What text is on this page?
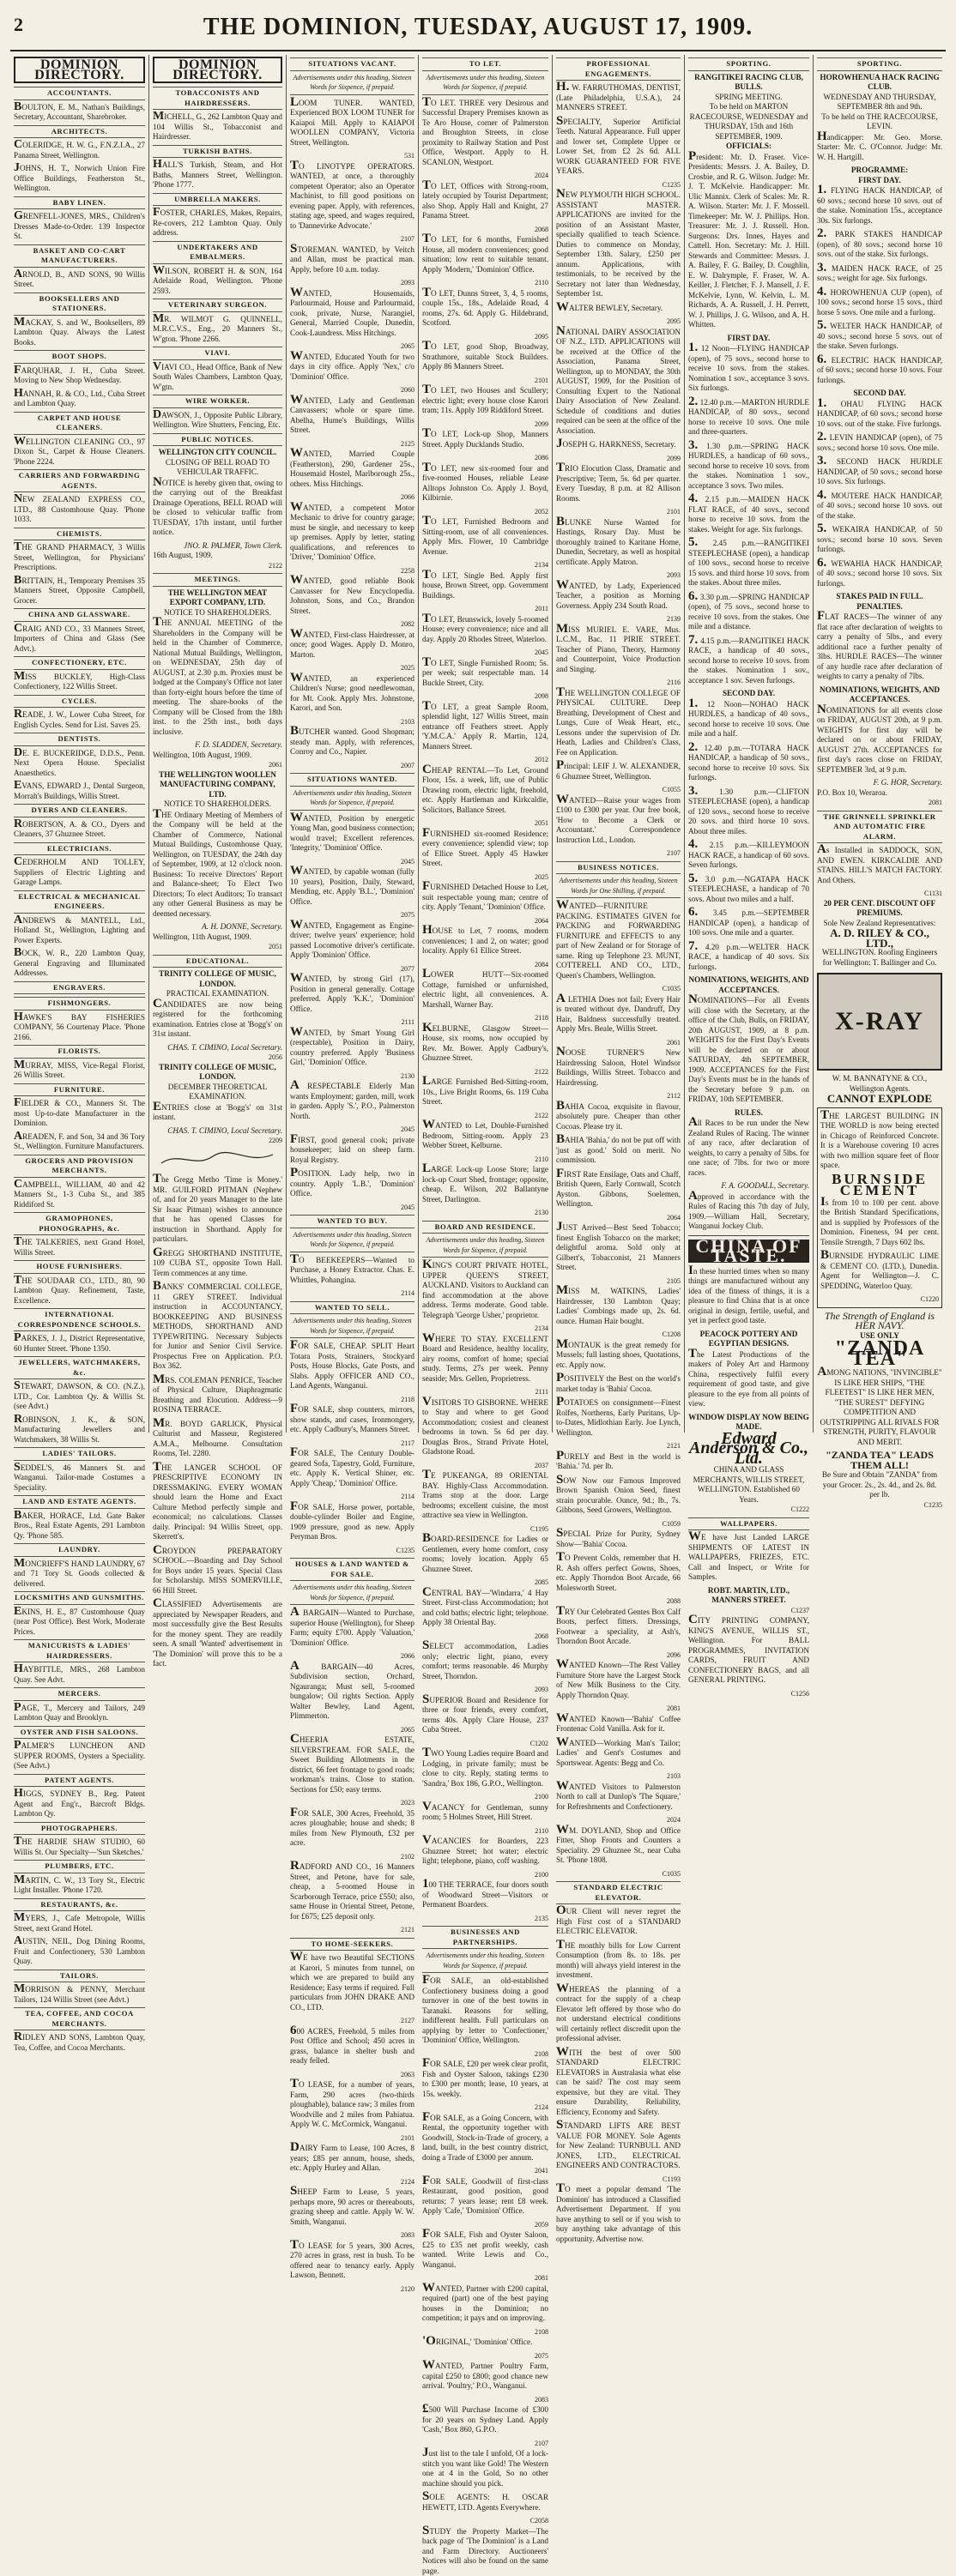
2	THE DOMINION, TUESDAY, AUGUST 17, 1909.
DOMINION DIRECTORY.
ACCOUNTANTS.
BOULTON, E. M., Nathan's Buildings, Secretary, Accountant, Sharebroker.
ARCHITECTS.
COLERIDGE, H. W. G., F.N.Z.I.A., 27 Panama Street, Wellington.
JOHNS, H. T., Norwich Union Fire Office Buildings, Featherston St., Wellington.
BABY LINEN.
GRENFELL-JONES, MRS., Children's Dresses Made-to-Order. 139 Inspector St.
BASKET AND CO-CART MANUFACTURERS.
ARNOLD, B., AND SONS, 90 Willis Street.
BOOKSELLERS AND STATIONERS.
MACKAY, S. and W., Booksellers, 89 Lambton Quay. Always the Latest Books.
BOOT SHOPS.
FARQUHAR, J. H., Cuba Street. Moving to New Shop Wednesday.
HANNAH, R. & CO., Ltd., Cuba Street and Lambton Quay.
CARPET AND HOUSE CLEANERS.
WELLINGTON CLEANING CO., 97 Dixon St., Carpet & House Cleaners. 'Phone 2224.
CARRIERS AND FORWARDING AGENTS.
NEW ZEALAND EXPRESS CO., LTD., 88 Customhouse Quay. 'Phone 1033.
CHEMISTS.
THE GRAND PHARMACY, 3 Willis Street, Wellington, for Physicians' Prescriptions.
BRITTAIN, H., Temporary Premises 35 Manners Street, Opposite Campbell, Grocer.
CHINA AND GLASSWARE.
CRAIG AND CO., 33 Manners Street, Importers of China and Glass (See Advt.).
CONFECTIONERY, ETC.
MISS BUCKLEY, High-Class Confectionery, 122 Willis Street.
CYCLES.
READE, J. W., Lower Cuba Street, for English Cycles. Send for List. Saves 25.
DENTISTS.
DE. E. BUCKERIDGE, D.D.S., Penn. Next Opera House. Specialist Anaesthetics.
EVANS, EDWARD J., Dental Surgeon, Morrah's Buildings, Willis Street.
DYERS AND CLEANERS.
ROBERTSON, A. & CO., Dyers and Cleaners, 37 Ghuznee Street.
ELECTRICIANS.
CEDERHOLM AND TOLLEY, Suppliers of Electric Lighting and Garage Lamps.
ELECTRICAL & MECHANICAL ENGINEERS.
ANDREWS & MANTELL, Ltd., Holland St., Wellington, Lighting and Power Experts.
BOCK, W. R., 220 Lambton Quay, General Engraving and Illuminated Addresses.
ENGRAVERS.
FISHMONGERS.
HAWKE'S BAY FISHERIES COMPANY, 56 Courtenay Place. 'Phone 2166.
FLORISTS.
MURRAY, MISS, Vice-Regal Florist, 26 Willis Street.
FURNITURE.
FIELDER & CO., Manners St. The most Up-to-date Manufacturer in the Dominion.
AREADEN, F. and Son, 34 and 36 Tory St., Wellington. Furniture Manufacturers.
GROCERS AND PROVISION MERCHANTS.
CAMPBELL, WILLIAM, 40 and 42 Manners St., 1-3 Cuba St., and 385 Riddiford St.
GRAMOPHONES, PHONOGRAPHS, &c.
THE TALKERIES, next Grand Hotel, Willis Street.
HOUSE FURNISHERS.
THE SOUDAAR CO., LTD., 80, 90 Lambton Quay. Refinement, Taste, Excellence.
INTERNATIONAL CORRESPONDENCE SCHOOLS.
PARKES, J. J., District Representative, 60 Hunter Street. 'Phone 1350.
JEWELLERS, WATCHMAKERS, &c.
STEWART, DAWSON, & CO. (N.Z.), LTD., Cor. Lambton Qy. & Willis St. (see Advt.)
ROBINSON, J. K., & SON, Manufacturing Jewellers and Watchmakers, 38 Willis St.
LADIES' TAILORS.
SEDDEL'S, 46 Manners St. and Wanganui. Tailor-made Costumes a Speciality.
LAND AND ESTATE AGENTS.
BAKER, HORACE, Ltd. Gate Baker Bros., Real Estate Agents, 291 Lambton Qy. 'Phone 585.
LAUNDRY.
MONCRIEFF'S HAND LAUNDRY, 67 and 71 Tory St. Goods collected & delivered.
LOCKSMITHS AND GUNSMITHS.
EKINS, H. E., 87 Customhouse Quay (near Post Office). Best Work, Moderate Prices.
MANICURISTS & LADIES' HAIRDRESSERS.
HAYBITTLE, MRS., 268 Lambton Quay. See Advt.
MERCERS.
PAGE, T., Mercery and Tailors, 249 Lambton Quay and Brooklyn.
OYSTER AND FISH SALOONS.
PALMER'S LUNCHEON AND SUPPER ROOMS, Oysters a Speciality. (See Advt.)
PATENT AGENTS.
HIGGS, SYDNEY B., Reg. Patent Agent and Eng'r., Barcroft Bldgs. Lambton Qy.
PHOTOGRAPHERS.
THE HARDIE SHAW STUDIO, 60 Willis St. Our Specialty—'Sun Sketches.'
PLUMBERS, ETC.
MARTIN, C. W., 13 Tory St., Electric Light Installer. 'Phone 1720.
RESTAURANTS, &c.
MYERS, J., Cafe Metropole, Willis Street, next Grand Hotel.
AUSTIN, NEIL, Dog Dining Rooms, Fruit and Confectionery, 530 Lambton Quay.
TAILORS.
MORRISON & PENNY, Merchant Tailors, 124 Willis Street (see Advt.)
TEA, COFFEE, AND COCOA MERCHANTS.
RIDLEY AND SONS, Lambton Quay, Tea, Coffee, and Cocoa Merchants.
DOMINION DIRECTORY.
TOBACCONISTS AND HAIRDRESSERS.
MICHELL, G., 262 Lambton Quay and 104 Willis St., Tobacconist and Hairdresser.
TURKISH BATHS.
HALL'S Turkish, Steam, and Hot Baths, Manners Street, Wellington. 'Phone 1777.
UMBRELLA MAKERS.
FOSTER, CHARLES, Makes, Repairs, Re-covers, 212 Lambton Quay. Only address.
UNDERTAKERS AND EMBALMERS.
WILSON, ROBERT H. & SON, 164 Adelaide Road, Wellington. 'Phone 2593.
VETERINARY SURGEON.
MR. WILMOT G. QUINNELL, M.R.C.V.S., Eng., 20 Manners St., W'gton. 'Phone 2266.
VIAVI.
VIAVI CO., Head Office, Bank of New South Wales Chambers, Lambton Quay, W'gtn.
WIRE WORKER.
DAWSON, J., Opposite Public Library, Wellington. Wire Shutters, Fencing, Etc.
PUBLIC NOTICES.
WELLINGTON CITY COUNCIL.
CLOSING OF BELL ROAD TO VEHICULAR TRAFFIC.
NOTICE is hereby given that, owing to the carrying out of the Breakfast Drainage Operations, BELL ROAD will be closed to vehicular traffic from TUESDAY, 17th instant, until further notice.
JNO. R. PALMER, Town Clerk.
16th August, 1909.
2122
MEETINGS.
THE WELLINGTON MEAT EXPORT COMPANY, LTD.
NOTICE TO SHAREHOLDERS.
THE ANNUAL MEETING of the Shareholders in the Company will be held in the Chamber of Commerce, National Mutual Buildings, Wellington, on WEDNESDAY, 25th day of AUGUST, at 2.30 p.m. Proxies must be lodged at the Company's Office not later than forty-eight hours before the time of meeting. The share-books of the Company will be Closed from the 18th inst. to the 25th inst., both days inclusive.
F. D. SLADDEN, Secretary.
Wellington, 10th August, 1909.
2061
THE WELLINGTON WOOLLEN MANUFACTURING COMPANY, LTD.
NOTICE TO SHAREHOLDERS.
THE Ordinary Meeting of Members of the Company will be held at the Chamber of Commerce, National Mutual Buildings, Customhouse Quay, Wellington, on TUESDAY, the 24th day of September, 1909, at 12 o'clock noon. Business: To receive Directors' Report and Balance-sheet; To Elect Two Directors; To elect Auditors; To transact any other General Business as may be deemed necessary.
A. H. DONNE, Secretary.
Wellington, 11th August, 1909.
2051
EDUCATIONAL.
TRINITY COLLEGE OF MUSIC, LONDON.
PRACTICAL EXAMINATION.
CANDIDATES are now being registered for the forthcoming examination. Entries close at 'Bogg's' on 31st instant.
CHAS. T. CIMINO, Local Secretary.
2056
TRINITY COLLEGE OF MUSIC, LONDON.
DECEMBER THEORETICAL EXAMINATION.
ENTRIES close at 'Bogg's' on 31st instant.
CHAS. T. CIMINO, Local Secretary.
2209
The Gregg Metho 'Time is Money.' MR. GUILFORD PITMAN (Nephew of, and for 20 years Manager to the late Sir Isaac Pitman) wishes to announce that he has opened Classes for instruction in Shorthand. Apply for particulars.
GREGG SHORTHAND INSTITUTE, 109 CUBA ST., opposite Town Hall. Term commences at any time.
BANKS' COMMERCIAL COLLEGE, 11 GREY STREET. Individual instruction in ACCOUNTANCY, BOOKKEEPING AND BUSINESS METHODS, SHORTHAND AND TYPEWRITING. Necessary Subjects for Junior and Senior Civil Service. Prospectus Free on Application. P.O. Box 362.
MRS. COLEMAN PENRICE, Teacher of Physical Culture, Diaphragmatic Breathing and Elocution. Address—9 ROSINA TERRACE.
MR. BOYD GARLICK, Physical Culturist and Masseur, Registered A.M.A., Melbourne. Consultation Rooms, Tel. 2280.
THE LANGER SCHOOL OF PRESCRIPTIVE ECONOMY IN DRESSMAKING. EVERY WOMAN should learn the Home and Exact Culture Method perfectly simple and economical; no calculations. Classes daily. Principal: 94 Willis Street, opp. Skerrett's.
CROYDON PREPARATORY SCHOOL.—Boarding and Day School for Boys under 15 years. Special Class for Scholarship. MISS SOMERVILLE, 66 Hill Street.
CLASSIFIED Advertisements are appreciated by Newspaper Readers, and most successfully give the Best Results for the money spent. They are readily seen. A small 'Wanted' advertisement in 'The Dominion' will prove this to be a fact.
SITUATIONS VACANT.
Advertisements under this heading, Sixteen Words for Sixpence, if prepaid.
LOOM TUNER. WANTED, Experienced BOX LOOM TUNER for Kaiapoi Mill. Apply to KAIAPOI WOOLLEN COMPANY, Victoria Street, Wellington.
531
TO LINOTYPE OPERATORS. WANTED, at once, a thoroughly competent Operator; also an Operator Machinist, to fill good positions on evening paper. Apply, with references, stating age, speed, and wages required, to 'Dannevirke Advocate.'
2107
STOREMAN. WANTED, by Veitch and Allan, must be practical man. Apply, before 10 a.m. today.
2093
WANTED, Housemaids, Parlourmaid, House and Parlourmaid, cook, private, Nurse, Narangiel, General, Married Couple, Dunedin, Cook-Laundress. Miss Hitchings.
2065
WANTED, Educated Youth for two days in city office. Apply 'Nex,' c/o 'Dominion' Office.
2060
WANTED, Lady and Gentleman Canvassers; whole or spare time. Abelha, Hume's Buildings, Willis Street.
2125
WANTED, Married Couple (Featherston), 290, Gardener 25s., Housemaid Hostel, Marlborough 25s., others. Miss Hitchings.
2066
WANTED, a competent Motor Mechanic to drive for country garage; must be single, and necessary to keep up premises. Apply by letter, stating qualifications, and references to 'Driver,' 'Dominion' Office.
2258
WANTED, good reliable Book Canvasser for New Encyclopedia. Johnston, Sons, and Co., Brandon Street.
2082
WANTED, First-class Hairdresser, at once; good Wages. Apply D. Monro, Marton.
2025
WANTED, an experienced Children's Nurse; good needlewoman, for Mt. Cook. Apply Mrs. Johnstone, Karori, and Son.
2103
BUTCHER wanted. Good Shopman; steady man. Apply, with references, Conroy and Co., Napier.
2007
SITUATIONS WANTED.
Advertisements under this heading, Sixteen Words for Sixpence, if prepaid.
WANTED, Position by energetic Young Man, good business connection; would travel; Excellent references. 'Integrity,' 'Dominion' Office.
2045
WANTED, by capable woman (fully 10 years), Position, Daily, Steward, Mending, etc. Apply 'B.L.', 'Dominion' Office.
2075
WANTED, Engagement as Engine-driver; twelve years' experience; hold passed Locomotive driver's certificate. Apply 'Dominion' Office.
2077
WANTED, by strong Girl (17), Position in general generally. Cottage preferred. Apply 'K.K.', 'Dominion' Office.
2111
WANTED, by Smart Young Girl (respectable), Position in Dairy, country preferred. Apply 'Business Girl,' 'Dominion' Office.
2130
A RESPECTABLE Elderly Man wants Employment; garden, mill, work in garden. Apply 'S.', P.O., Palmerston North.
2045
FIRST, good general cook; private housekeeper; laid on sheep farm. Royal Registry.
POSITION. Lady help, two in country. Apply 'L.B.', 'Dominion' Office.
2045
WANTED TO BUY.
Advertisements under this heading, Sixteen Words for Sixpence, if prepaid.
TO BEEKEEPERS—Wanted to Purchase, a Honey Extractor. Chas. E. Whittles, Pohangina.
2114
WANTED TO SELL.
Advertisements under this heading, Sixteen Words for Sixpence, if prepaid.
FOR SALE, CHEAP. SPLIT Heart Totara Posts, Strainers, Stockyard Posts, House Blocks, Gate Posts, and Slabs. Apply OFFICER AND CO., Land Agents, Wanganui.
2118
FOR SALE, shop counters, mirrors, show stands, and cases, Ironmongery, etc. Apply Cadbury's, Manners Street.
2117
FOR SALE, The Century Double-geared Sofa, Tapestry, Gold, Furniture, etc. Apply K. Vertical Shiner, etc. Apply 'Cheap,' 'Dominion' Office.
2114
FOR SALE, Horse power, portable, double-cylinder Boiler and Engine, 1909 pressure, good as new. Apply Peryman Bros.
C1235
HOUSES & LAND WANTED & FOR SALE.
Advertisements under this heading, Sixteen Words for Sixpence, if prepaid.
A BARGAIN—Wanted to Purchase, superior House (Wellington), for Sheep Farm; equity £700. Apply 'Valuation,' 'Dominion' Office.
2066
A BARGAIN—40 Acres, Subdivision section, Orchard, Ngauranga; Must sell, 5-roomed bungalow; Oil rights Section. Apply Walter Bewley, Land Agent, Plimmerton.
2065
CHEERIA ESTATE, SILVERSTREAM. FOR SALE, the Sweet Building Allotments in the district, 66 feet frontage to good roads; workman's trains. Close to station. Sections for £50; easy terms.
2023
FOR SALE, 300 Acres, Freehold, 35 acres ploughable; house and sheds; 8 miles from New Plymouth, £32 per acre.
2102
RADFORD AND CO., 16 Manners Street, and Petone, have for sale, cheap, a 5-roomed House in Scarborough Terrace, price £550; also, same House in Oriental Street, Petone, for £675; £25 deposit only.
2121
TO HOME-SEEKERS.
WE have two Beautiful SECTIONS at Karori, 5 minutes from tunnel, on which we are prepared to build any Residence; Easy terms if required. Full particulars from JOHN DRAKE AND CO., LTD.
2127
600 ACRES, Freehold, 5 miles from Post Office and School; 450 acres in grass, balance in shelter bush and ready felled.
2063
TO LEASE, for a number of years, Farm, 290 acres (two-thirds ploughable), balance raw; 3 miles from Woodville and 2 miles from Pahiatua. Apply W. C. McCormick, Wanganui.
2101
DAIRY Farm to Lease, 100 Acres, 8 years; £85 per annum, house, sheds, etc. Apply Hurley and Allan.
2124
SHEEP Farm to Lease, 5 years, perhaps more, 90 acres or thereabouts, grazing sheep and cattle. Apply W. W. Smith, Wanganui.
2083
TO LEASE for 5 years, 300 Acres, 270 acres in grass, rest in bush. To be offered near to tenancy early. Apply Lawson, Bennett.
2120
TO LET.
Advertisements under this heading, Sixteen Words for Sixpence, if prepaid.
TO LET. THREE very Desirous and Successful Drapery Premises known as Te Aro House, corner of Palmerston and Broughton Streets, in close proximity to Railway Station and Post Office, Westport. Apply to H. SCANLON, Westport.
2024
TO LET, Offices with Strong-room, lately occupied by Tourist Department; also Shop. Apply Hall and Knight, 27 Panama Street.
2068
TO LET, for 6 months, Furnished House, all modern conveniences; good situation; low rent to suitable tenant. Apply 'Modern,' 'Dominion' Office.
2110
TO LET, Dunns Street, 3, 4, 5 rooms, couple 15s., 18s., Adelaide Road, 4 rooms, 27s. 6d. Apply G. Hildebrand, Scotford.
2095
TO LET, good Shop, Broadway, Strathmore, suitable Stock Builders. Apply 86 Manners Street.
2101
TO LET, two Houses and Scullery; electric light; every house close Karori tram; 11s. Apply 109 Riddiford Street.
2099
TO LET, Lock-up Shop, Manners Street. Apply Ducklands Studio.
2086
TO LET, new six-roomed four and five-roomed Houses, reliable Lease Alltops Johnston Co. Apply J. Boyd, Kilbirnie.
2052
TO LET, Furnished Bedroom and Sitting-room, use of all conveniences. Apply Mrs. Flower, 10 Cambridge Avenue.
2134
TO LET, Single Bed. Apply first house, Brown Street, opp. Government Buildings.
2011
TO LET, Brunswick, lovely 5-roomed House; every convenience; nice and all day. Apply 20 Rhodes Street, Waterloo.
2045
TO LET, Single Furnished Room; 5s. per week; suit respectable man. 14 Buckle Street, City.
2098
TO LET, a great Sample Room, splendid light, 127 Willis Street, main entrance off Feathers street. Apply 'Y.M.C.A.' Apply R. Martin, 124, Manners Street.
2012
CHEAP RENTAL—To Let, Ground Floor, 15s. a week, lift, use of Public Drawing room, electric light, freehold, etc. Apply Hartleman and Kirkcaldie, Solicitors, Ballance Street.
2051
FURNISHED six-roomed Residence; every convenience; splendid view; top of Ellice Street. Apply 45 Hawker Street.
2025
FURNISHED Detached House to Let, suit respectable young man; centre of city. Apply 'Tenant,' 'Dominion' Office.
2064
HOUSE to Let, 7 rooms, modern conveniences; 1 and 2, on water; good locality. Apply 61 Ellice Street.
2084
LOWER HUTT—Six-roomed Cottage, furnished or unfurnished, electric light, all conveniences. A. Marshall, Warner Bay.
2118
KELBURNE, Glasgow Street—House, six rooms, now occupied by Rev. Mr. Bower. Apply Cadbury's, Ghuznee Street.
2122
LARGE Furnished Bed-Sitting-room, 10s., Live Bright Rooms, 6s. 119 Cuba Street.
2122
WANTED to Let, Double-Furnished Bedroom, Sitting-room. Apply 23 Webber Street, Kelburne.
2110
LARGE Lock-up Loose Store; large lock-up Court Shed, frontage; opposite, cheap. E. Wilson, 202 Ballantyne Street, Darlington.
2130
BOARD AND RESIDENCE.
Advertisements under this heading, Sixteen Words for Sixpence, if prepaid.
KING'S COURT PRIVATE HOTEL, UPPER QUEEN'S STREET, AUCKLAND. Visitors to Auckland can find accommodation at the above address. Terms moderate. Good table. Telegraph 'George Usher,' proprietor.
2134
WHERE TO STAY. EXCELLENT Board and Residence, healthy locality, airy rooms, comfort of home; special study. Terms, 27s per week. Penny seaside; Mrs. Gellen, Proprietress.
2111
VISITORS TO GISBORNE. WHERE to Stay and where to get Good Accommodation; cosiest and cleanest bedrooms in town. 5s 6d per day. Douglas Bros., Strand Private Hotel, Gladstone Road.
2037
TE PUKEANGA, 89 ORIENTAL BAY. Highly-Class Accommodation. Trams stop at the door. Large bedrooms; excellent cuisine, the most attractive sea view in Wellington.
C1195
BOARD-RESIDENCE for Ladies or Gentlemen, every home comfort, cosy rooms; lovely location. Apply 65 Ghuznee Street.
2085
CENTRAL BAY—'Windarra,' 4 Hay Street. First-class Accommodation; hot and cold baths; electric light; telephone. Apply 38 Oriental Bay.
2068
SELECT accommodation, Ladies only; electric light, piano, every comfort; terms reasonable. 46 Murphy Street, Thorndon.
2093
SUPERIOR Board and Residence for three or four friends, every comfort, terms 40s. Apply Clare House, 237 Cuba Street.
C1202
TWO Young Ladies require Board and Lodging, in private family; must be close to city. Reply, stating terms to 'Sandra,' Box 186, G.P.O., Wellington.
2100
VACANCY for Gentleman, sunny room; 5 Holmes Street, Hill Street.
2110
VACANCIES for Boarders, 223 Ghuznee Street; hot water; electric light; telephone, piano, coff washing.
2100
100 THE TERRACE, four doors south of Woodward Street—Visitors or Permanent Boarders.
2135
BUSINESSES AND PARTNERSHIPS.
Advertisements under this heading, Sixteen Words for Sixpence, if prepaid.
FOR SALE, an old-established Confectionery business doing a good turnover in one of the best towns in Taranaki. Reasons for selling, indifferent health. Full particulars on applying by letter to 'Confectioner,' 'Dominion' Office, Wellington.
2108
FOR SALE, £20 per week clear profit, Fish and Oyster Saloon, takings £230 to £300 per month; lease, 10 years, at 15s. weekly.
2124
FOR SALE, as a Going Concern, with Rental, the opportunity together with Goodwill, Stock-in-Trade of grocery, a land, built, in the best country district, doing a Trade of £3000 per annum.
2041
FOR SALE, Goodwill of first-class Restaurant, good position, good returns; 7 years lease; rent £8 week. Apply 'Cafe,' 'Dominion' Office.
2059
FOR SALE, Fish and Oyster Saloon, £25 to £35 net profit weekly, cash wanted. Write Lewis and Co., Wanganui.
2081
WANTED, Partner with £200 capital, required (part) one of the best paying houses in the Dominion; no competition; it pays and on improving.
2108
'ORIGINAL,' 'Dominion' Office.
2075
WANTED, Partner Poultry Farm, capital £250 to £800; good chance new arrival. 'Poultry,' P.O., Wanganui.
2083
£500 Will Purchase Income of £300 for 20 years on Sydney Land. Apply 'Cash,' Box 860, G.P.O.
2107
Just list to the tale I unfold, Of a lock-stitch you want like Gold! The Western one at 4 in the Gold, So no other machine should you pick.
SOLE AGENTS: H. OSCAR HEWETT, LTD. Agents Everywhere.
C2058
STUDY the Property Market—The back page of 'The Dominion' is a Land and Farm Directory. Auctioneers' Notices will also be found on the same page.
PROFESSIONAL ENGAGEMENTS.
H. W. FARRUTHOMAS, DENTIST, (Late Philadelphia, U.S.A.), 24 MANNERS STREET.
SPECIALTY, Superior Artificial Teeth. Natural Appearance. Full upper and lower set, Complete Upper or Lower Set, from £2 2s 6d. ALL WORK GUARANTEED FOR FIVE YEARS.
C1235
NEW PLYMOUTH HIGH SCHOOL. ASSISTANT MASTER. APPLICATIONS are invited for the position of an Assistant Master, specially qualified to teach Science. Duties to commence on Monday, September 13th. Salary, £250 per annum. Applications, with testimonials, to be received by the Secretary not later than Wednesday, September 1st.
WALTER BEWLEY, Secretary.
2095
NATIONAL DAIRY ASSOCIATION OF N.Z., LTD. APPLICATIONS will be received at the Office of the Association, Panama Street, Wellington, up to MONDAY, the 30th AUGUST, 1909, for the Position of Consulting Expert to the National Dairy Association of New Zealand. Schedule of conditions and duties required can be seen at the office of the Association.
JOSEPH G. HARKNESS, Secretary.
2099
TRIO Elocution Class, Dramatic and Prescriptive; Term, 5s. 6d per quarter. Every Tuesday, 8 p.m. at 82 Allison Rooms.
2101
BLUNKE Nurse Wanted for Hastings, Rosary Day. Must be thoroughly trained to Karitane Home, Dunedin, Secretary, as well as hospital certificate. Apply Matron.
2093
WANTED, by Lady, Experienced Teacher, a position as Morning Governess. Apply 234 South Road.
2139
MISS MURIEL E. VARE, Mus. L.C.M., Bac. 11 PIRIE STREET. Teacher of Piano, Theory, Harmony and Counterpoint, Voice Production and Singing.
2116
THE WELLINGTON COLLEGE OF PHYSICAL CULTURE. Deep Breathing, Development of Chest and Lungs, Cure of Weak Heart, etc., Lessons under the supervision of Dr. Heath, Ladies and Children's Class, Fee on Application.
Principal: LEIF J. W. ALEXANDER, 6 Ghuznee Street, Wellington.
C1055
WANTED—Raise your wages from £100 to £300 per year. Our free book, 'How to Become a Clerk or Accountant.' Correspondence Instruction Ltd., London.
2107
BUSINESS NOTICES.
Advertisements under this heading, Sixteen Words for One Shilling, if prepaid.
WANTED—FURNITURE PACKING. ESTIMATES GIVEN for PACKING and FORWARDING FURNITURE and EFFECTS to any part of New Zealand or for Storage of same. Ring up Telephone 23. MUNT, COTTERELL AND CO., LTD., Queen's Chambers, Wellington.
C1035
A LETHIA Does not fail; Every Hair is treated without dye. Dandruff, Dry Hair, Baldness successfully treated. Apply Mrs. Beale, Willis Street.
2061
NOOSE TURNER'S New Hairdressing Saloon, Hotel Windsor Buildings, Willis Street. Tobacco and Hairdressing.
2112
BAHIA Cocoa, exquisite in flavour, absolutely pure. Cheaper than other Cocoas. Please try it.
BAHIA 'Bahia,' do not be put off with 'just as good.' Sold on merit. No commission.
FIRST Rate Ensilage, Oats and Chaff, British Queen, Early Cornwall, Scotch Ayston. Gibbons, Soelemen, Wellington.
2064
JUST Arrived—Best Seed Tobacco; finest English Tobacco on the market; delightful aroma. Sold only at Gilbert's, Tobacconist, 21 Manners Street.
2105
MISS M. WATKINS, Ladies' Hairdresser, 130 Lambton Quay; Ladies' Combings made up, 2s. 6d. ounce. Human Hair bought.
C1208
MONTAUK is the great remedy for Mussels; full lasting shoes, Quotations, etc. Apply now.
POSITIVELY the Best on the world's market today is 'Bahia' Cocoa.
POTATOES on consignment—Finest Rolfes, Northerns, Early Puritans, Up-to-Dates, Midlothian Early. Joe Lynch, Wellington.
2121
PURELY and Best in the world is 'Bahia.' 7d. per lb.
SOW Now our Famous Improved Brown Spanish Onion Seed, finest strain procurable. Ounce, 9d.; lb., 7s. Gibbons, Seed Growers, Wellington.
C1059
SPECIAL Prize for Purity, Sydney Show—'Bahia' Cocoa.
TO Prevent Colds, remember that H. R. Ash offers perfect Gowns, Shoes, etc. Apply Thorndon Boot Arcade, 66 Molesworth Street.
2088
TRY Our Celebrated Gentes Box Calf Boots, perfect fitters. Dressings, Footwear a speciality, at Ash's, Thorndon Boot Arcade.
2096
WANTED Known—The Rest Valley Furniture Store have the Largest Stock of New Milk Business to the City. Apply Thorndon Quay.
2081
WANTED Known—'Bahia' Coffee Frontenac Cold Vanilla. Ask for it.
WANTED—Working Man's Tailor; Ladies' and Gent's Costumes and Sportswear. Agents: Begg and Co.
2103
WANTED Visitors to Palmerston North to call at Dunlop's 'The Square,' for Refreshments and Confectionery.
2024
WM. DOYLAND, Shop and Office Fitter, Shop Fronts and Counters a Speciality. 29 Ghuznee St., near Cuba St. 'Phone 1808.
C1035
STANDARD ELECTRIC ELEVATOR.
OUR Client will never regret the High First cost of a STANDARD ELECTRIC ELEVATOR.
THE monthly bills for Low Current Consumption (from 8s. to 18s. per month) will always yield interest in the investment.
WHEREAS the planning of a contract for the supply of a cheap Elevator left offered by those who do not understand electrical conditions will certainly reflect discredit upon the professional adviser.
WITH the best of over 500 STANDARD ELECTRIC ELEVATORS in Australasia what else can be said? The cost may seem expensive, but they are vital. They ensure Durability, Reliability, Efficiency, Economy and Safety.
STANDARD LIFTS ARE BEST VALUE FOR MONEY. Sole Agents for New Zealand: TURNBULL AND JONES, LTD., ELECTRICAL ENGINEERS AND CONTRACTORS.
C1193
TO meet a popular demand 'The Dominion' has introduced a Classified Advertisement Department. If you have anything to sell or if you wish to buy anything take advantage of this opportunity. Advertise now.
SPORTING.
RANGITIKEI RACING CLUB, BULLS.
SPRING MEETING.
To be held on MARTON RACECOURSE, WEDNESDAY and THURSDAY, 15th and 16th SEPTEMBER, 1909.
OFFICIALS:
President: Mr. D. Fraser. Vice-Presidents: Messrs. J. A. Bailey, D. Crosbie, and R. G. Wilson. Judge: Mr. J. T. McKelvie. Handicapper: Mr. Ulic Mannix. Clerk of Scales: Mr. R. A. Wilson. Starter: Mr. J. F. Mossell. Timekeeper: Mr. W. J. Phillips. Hon. Treasurer: Mr. J. J. Russell. Hon. Surgeons: Drs. Innes, Hayes and Cattell. Hon. Secretary: Mr. J. Hill. Stewards and Committee: Messrs. J. A. Bailey, F. G. Bailey, D. Coughlin, E. W. Dalrymple, F. Fraser, W. A. Keiller, J. Fletcher, F. J. Mansell, J. F. McKelvie, Lynn, W. Kelvin, L. M. Richards, A. A. Russell, J. H. Perrett, W. J. Phillips, J. G. Wilson, and A. H. Whitten.
FIRST DAY.
1. 12 Noon—FLYING HANDICAP (open), of 75 sovs., second horse to receive 10 sovs. from the stakes. Nomination 1 sov., acceptance 3 sovs. Six furlongs.
2. 12.40 p.m.—MARTON HURDLE HANDICAP, of 80 sovs., second horse to receive 10 sovs. One mile and three-quarters.
3. 1.30 p.m.—SPRING HACK HURDLES, a handicap of 60 sovs., second horse to receive 10 sovs. from the stakes. Nomination 1 sov., acceptance 3 sovs. Two miles.
4. 2.15 p.m.—MAIDEN HACK FLAT RACE, of 40 sovs., second horse to receive 10 sovs. from the stakes. Weight for age. Six furlongs.
5. 2.45 p.m.—RANGITIKEI STEEPLECHASE (open), a handicap of 100 sovs., second horse to receive 15 sovs. and third horse 10 sovs. from the stakes. About three miles.
6. 3.30 p.m.—SPRING HANDICAP (open), of 75 sovs., second horse to receive 10 sovs. from the stakes. One mile and a distance.
7. 4.15 p.m.—RANGITIKEI HACK RACE, a handicap of 40 sovs., second horse to receive 10 sovs. from the stakes. Nomination 1 sov., acceptance 1 sov. Seven furlongs.
SECOND DAY.
1. 12 Noon—NOHAO HACK HURDLES, a handicap of 40 sovs., second horse to receive 10 sovs. One mile and a half.
2. 12.40 p.m.—TOTARA HACK HANDICAP, a handicap of 50 sovs., second horse to receive 10 sovs. Six furlongs.
3. 1.30 p.m.—CLIFTON STEEPLECHASE (open), a handicap of 120 sovs., second horse to receive 20 sovs. and third horse 10 sovs. About three miles.
4. 2.15 p.m.—KILLEYMOON HACK RACE, a handicap of 60 sovs. Seven furlongs.
5. 3.0 p.m.—NGATAPA HACK STEEPLECHASE, a handicap of 70 sovs. About two miles and a half.
6. 3.45 p.m.—SEPTEMBER HANDICAP (open), a handicap of 100 sovs. One mile and a quarter.
7. 4.20 p.m.—WELTER HACK RACE, a handicap of 40 sovs. Six furlongs.
NOMINATIONS, WEIGHTS, AND ACCEPTANCES.
NOMINATIONS—For all Events will close with the Secretary, at the office of the Club, Bulls, on FRIDAY, 20th AUGUST, 1909, at 8 p.m. WEIGHTS for the First Day's Events will be declared on or about SATURDAY, 4th SEPTEMBER, 1909. ACCEPTANCES for the First Day's Events must be in the hands of the Secretary before 9 p.m. on FRIDAY, 10th SEPTEMBER.
RULES.
All Races to be run under the New Zealand Rules of Racing. The winner of any race, after declaration of weights, to carry a penalty of 5lbs. for one race; of 7lbs. for two or more races.
F. A. GOODALL, Secretary.
Approved in accordance with the Rules of Racing this 7th day of July, 1909.—William Hall, Secretary, Wanganui Jockey Club.
CHINA OF TASTE.
In these hurried times when so many things are manufactured without any idea of the fitness of things, it is a pleasure to find China that is at once original in design, fertile, useful, and yet in perfect good taste.
PEACOCK POTTERY AND EGYPTIAN DESIGNS.
The Latest Productions of the makers of Poley Art and Harmony China, respectively fulfil every requirement of good taste, and give pleasure to the eye from all points of view.
WINDOW DISPLAY NOW BEING MADE.
Edward Anderson & Co., Ltd.
CHINA AND GLASS MERCHANTS, WILLIS STREET, WELLINGTON. Established 60 Years.
C1222
WALLPAPERS.
WE have Just Landed LARGE SHIPMENTS OF LATEST IN WALLPAPERS, FRIEZES, ETC. Call and Inspect, or Write for Samples.
ROBT. MARTIN, LTD., MANNERS STREET.
C1237
CITY PRINTING COMPANY, KING'S AVENUE, WILLIS ST., Wellington. For BALL PROGRAMMES, INVITATION CARDS, FRUIT AND CONFECTIONERY BAGS, and all GENERAL PRINTING.
C1256
SPORTING.
HOROWHENUA HACK RACING CLUB.
WEDNESDAY AND THURSDAY, SEPTEMBER 8th and 9th.
To be held on THE RACECOURSE, LEVIN.
Handicapper: Mr. Geo. Morse. Starter: Mr. C. O'Connor. Judge: Mr. W. H. Hartgill.
PROGRAMME:
FIRST DAY.
1. FLYING HACK HANDICAP, of 60 sovs.; second horse 10 sovs. out of the stake. Nomination 15s., acceptance 30s. Six furlongs.
2. PARK STAKES HANDICAP (open), of 80 sovs.; second horse 10 sovs. out of the stake. Six furlongs.
3. MAIDEN HACK RACE, of 25 sovs.; weight for age. Six furlongs.
4. HOROWHENUA CUP (open), of 100 sovs.; second horse 15 sovs., third horse 5 sovs. One mile and a furlong.
5. WELTER HACK HANDICAP, of 40 sovs.; second horse 5 sovs. out of the stake. Seven furlongs.
6. ELECTRIC HACK HANDICAP, of 60 sovs.; second horse 10 sovs. Four furlongs.
SECOND DAY.
1. OHAU FLYING HACK HANDICAP, of 60 sovs.; second horse 10 sovs. out of the stake. Five furlongs.
2. LEVIN HANDICAP (open), of 75 sovs.; second horse 10 sovs. One mile.
3. SECOND HACK HURDLE HANDICAP, of 50 sovs.; second horse 10 sovs. Six furlongs.
4. MOUTERE HACK HANDICAP, of 40 sovs.; second horse 10 sovs. out of the stake.
5. WEKAIRA HANDICAP, of 50 sovs.; second horse 10 sovs. Seven furlongs.
6. WEWAHIA HACK HANDICAP, of 40 sovs.; second horse 10 sovs. Six furlongs.
STAKES PAID IN FULL.
PENALTIES.
FLAT RACES—The winner of any flat race after declaration of weights to carry a penalty of 5lbs., and every additional race a further penalty of 3lbs. HURDLE RACES—The winner of any hurdle race after declaration of weights to carry a penalty of 7lbs.
NOMINATIONS, WEIGHTS, AND ACCEPTANCES.
NOMINATIONS for all events close on FRIDAY, AUGUST 20th, at 9 p.m. WEIGHTS for first day will be declared on or about FRIDAY, AUGUST 27th. ACCEPTANCES for first day's races close on FRIDAY, SEPTEMBER 3rd, at 9 p.m.
F. G. HOR, Secretary.
P.O. Box 10, Weraroa.
2081
THE GRINNELL SPRINKLER AND AUTOMATIC FIRE ALARM.
As Installed in SADDOCK, SON, AND EWEN. KIRKCALDIE AND STAINS. HILL'S MATCH FACTORY. And Others.
C1131
20 PER CENT. DISCOUNT OFF PREMIUMS.
Sole New Zealand Representatives:
A. D. RILEY & CO., LTD.,
WELLINGTON. Roofing Engineers for Wellington: T. Ballinger and Co.
X-RAY
W. M. BANNATYNE & CO., Wellington Agents.
CANNOT EXPLODE
THE LARGEST BUILDING IN THE WORLD is now being erected in Chicago of Reinforced Concrete. It is a Warehouse covering 10 acres with two million square feet of floor space.
BURNSIDE
CEMENT
Is from 10 to 100 per cent. above the British Standard Specifications, and is supplied by Professors of the Dominion. Fineness, 94 per cent. Tensile Strength, 7 Days 602 lbs.
BURNSIDE HYDRAULIC LIME & CEMENT CO. (LTD.), Dunedin. Agent for Wellington—J. C. SPEDDING, Waterloo Quay.
C1220
The Strength of England is HER NAVY.
USE ONLY
"ZANDA TEA"
AMONG NATIONS, "INVINCIBLE" IS LIKE HER SHIPS, "THE FLEETEST" IS LIKE HER MEN, "THE SUREST" DEFYING COMPETITION AND OUTSTRIPPING ALL RIVALS FOR STRENGTH, PURITY, FLAVOUR AND MERIT.
"ZANDA TEA" LEADS THEM ALL!
Be Sure and Obtain "ZANDA" from your Grocer. 2s., 2s. 4d., and 2s. 8d. per lb.
C1235
